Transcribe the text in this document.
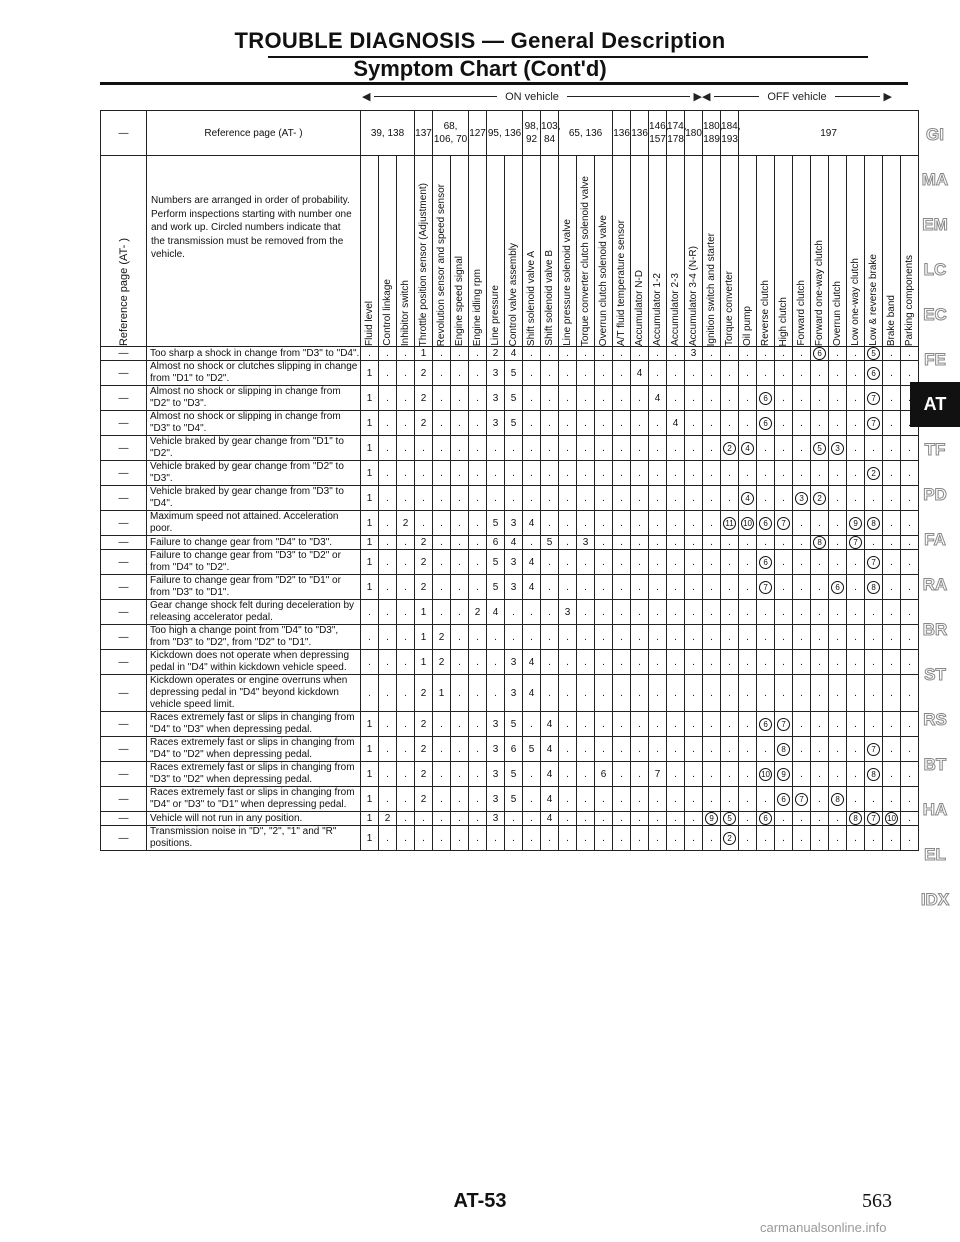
TROUBLE DIAGNOSIS — General Description
Symptom Chart (Cont'd)
◀	ON vehicle	▶ ◀	OFF vehicle	▶
—	Reference page (AT- )	39, 138			137	68, 106, 70		127	95, 136		98, 92	103, 84	65, 136			136	136	146, 157	174, 178	180	180, 189	184, 193	197									

Reference page (AT- )	Numbers are arranged in order of probability. Perform inspections starting with number one and work up. Circled numbers indicate that the transmission must be removed from the vehicle.	Fluid level	Control linkage	Inhibitor switch	Throttle position sensor (Adjustment)	Revolution sensor and speed sensor	Engine speed signal	Engine idling rpm	Line pressure	Control valve assembly	Shift solenoid valve A	Shift solenoid valve B	Line pressure solenoid valve	Torque converter clutch solenoid valve	Overrun clutch solenoid valve	A/T fluid temperature sensor	Accumulator N-D	Accumulator 1-2	Accumulator 2-3	Accumulator 3-4 (N-R)	Ignition switch and starter	Torque converter	Oil pump	Reverse clutch	High clutch	Forward clutch	Forward one-way clutch	Overrun clutch	Low one-way clutch	Low & reverse brake	Brake band	Parking components

—	Too sharp a shock in change from "D3" to "D4".	.	.	.	1	.	.	.	2	4	.	.	.	.	.	.	.	.	.	3	.	.	.	.	.	.	6	.	.	5	.	.
—	Almost no shock or clutches slipping in change from "D1" to "D2".	1	.	.	2	.	.	.	3	5	.	.	.	.	.	.	4	.	.	.	.	.	.	.	.	.	.	.	.	6	.	.
—	Almost no shock or slipping in change from "D2" to "D3".	1	.	.	2	.	.	.	3	5	.	.	.	.	.	.	.	4	.	.	.	.	.	6	.	.	.	.	.	7	.	
—	Almost no shock or slipping in change from "D3" to "D4".	1	.	.	2	.	.	.	3	5	.	.	.	.	.	.	.	.	4	.	.	.	.	6	.	.	.	.	.	7	.	
—	Vehicle braked by gear change from "D1" to "D2".	1	.	.	.	.	.	.	.	.	.	.	.	.	.	.	.	.	.	.	.	2	4	.	.	.	5	3	.	.	.	.
—	Vehicle braked by gear change from "D2" to "D3".	1	.	.	.	.	.	.	.	.	.	.	.	.	.	.	.	.	.	.	.	.	.	.	.	.	.	.	.	2	.	.
—	Vehicle braked by gear change from "D3" to "D4".	1	.	.	.	.	.	.	.	.	.	.	.	.	.	.	.	.	.	.	.	.	4	.	.	3	2	.	.	.	.	.
—	Maximum speed not attained. Acceleration poor.	1	.	2	.	.	.	.	5	3	4	.	.	.	.	.	.	.	.	.	.	11	10	6	7	.	.	.	9	8	.	.
—	Failure to change gear from "D4" to "D3".	1	.	.	2	.	.	.	6	4	.	5	.	3	.	.	.	.	.	.	.	.	.	.	.	.	8	.	7	.	.	.
—	Failure to change gear from "D3" to "D2" or from "D4" to "D2".	1	.	.	2	.	.	.	5	3	4	.	.	.	.	.	.	.	.	.	.	.	.	6	.	.	.	.	.	7	.	.
—	Failure to change gear from "D2" to "D1" or from "D3" to "D1".	1	.	.	2	.	.	.	5	3	4	.	.	.	.	.	.	.	.	.	.	.	.	7	.	.	.	6	.	8	.	.
—	Gear change shock felt during deceleration by releasing accelerator pedal.	.	.	.	1	.	.	2	4	.	.	.	3	.	.	.	.	.	.	.	.	.	.	.	.	.	.	.	.	.	.	.
—	Too high a change point from "D4" to "D3", from "D3" to "D2", from "D2" to "D1".	.	.	.	1	2	.	.	.	.	.	.	.	.	.	.	.	.	.	.	.	.	.	.	.	.	.	.	.	.	.	.
—	Kickdown does not operate when depressing pedal in "D4" within kickdown vehicle speed.	.	.	.	1	2	.	.	.	3	4	.	.	.	.	.	.	.	.	.	.	.	.	.	.	.	.	.	.	.	.	.
—	Kickdown operates or engine overruns when depressing pedal in "D4" beyond kickdown vehicle speed limit.	.	.	.	2	1	.	.	.	3	4	.	.	.	.	.	.	.	.	.	.	.	.	.	.	.	.	.	.	.	.	.
—	Races extremely fast or slips in changing from "D4" to "D3" when depressing pedal.	1	.	.	2	.	.	.	3	5	.	4	.	.	.	.	.	.	.	.	.	.	.	6	7	.	.	.	.	.	.	.
—	Races extremely fast or slips in changing from "D4" to "D2" when depressing pedal.	1	.	.	2	.	.	.	3	6	5	4	.	.	.	.	.	.	.	.	.	.	.	.	8	.	.	.	.	7	.	.
—	Races extremely fast or slips in changing from "D3" to "D2" when depressing pedal.	1	.	.	2	.	.	.	3	5	.	4	.	.	6	.	.	7	.	.	.	.	.	10	9	.	.	.	.	8	.	.
—	Races extremely fast or slips in changing from "D4" or "D3" to "D1" when depressing pedal.	1	.	.	2	.	.	.	3	5	.	4	.	.	.	.	.	.	.	.	.	.	.	.	6	7	.	8	.	.	.	.
—	Vehicle will not run in any position.	1	2	.	.	.	.	.	3	.	.	4	.	.	.	.	.	.	.	.	9	5	.	6	.	.	.	.	8	7	10	.
—	Transmission noise in "D", "2", "1" and "R" positions.	1	.	.	.	.	.	.	.	.	.	.	.	.	.	.	.	.	.	.	.	2	.	.	.	.	.	.	.	.	.	.
GI
MA
EM
LC
EC
FE
AT
TF
PD
FA
RA
BR
ST
RS
BT
HA
EL
IDX
AT-53	563
carmanualsonline.info
